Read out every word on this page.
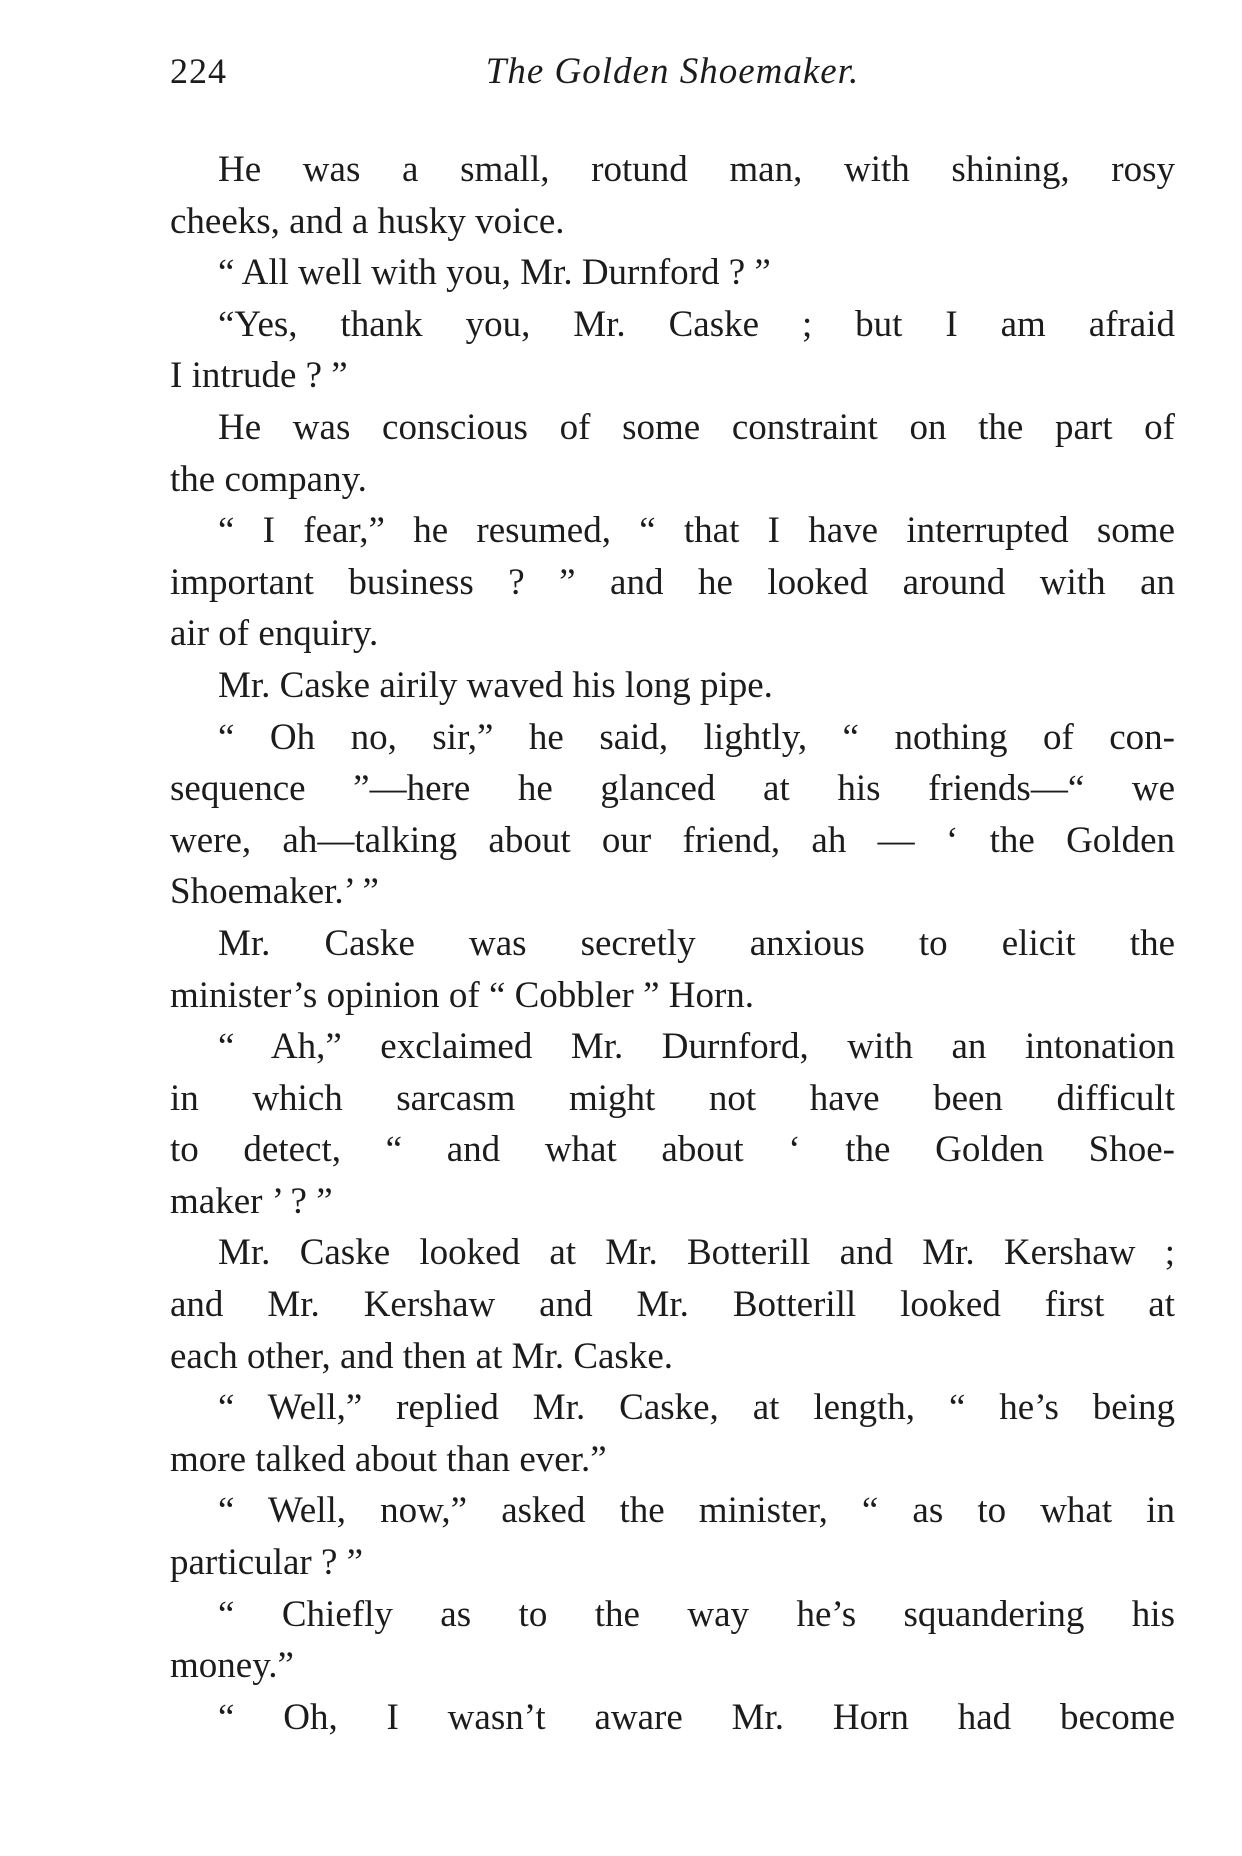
224	The Golden Shoemaker.
He was a small, rotund man, with shining, rosy
cheeks, and a husky voice.
“ All well with you, Mr. Durnford ? ”
“Yes, thank you, Mr. Caske ; but I am afraid
I intrude ? ”
He was conscious of some constraint on the part of
the company.
“ I fear,” he resumed, “ that I have interrupted some
important business ? ” and he looked around with an
air of enquiry.
Mr. Caske airily waved his long pipe.
“ Oh no, sir,” he said, lightly, “ nothing of con-
sequence ”—here he glanced at his friends—“ we
were, ah—talking about our friend, ah — ‘ the Golden
Shoemaker.’ ”
Mr. Caske was secretly anxious to elicit the
minister’s opinion of “ Cobbler ” Horn.
“ Ah,” exclaimed Mr. Durnford, with an intonation
in which sarcasm might not have been difficult
to detect, “ and what about ‘ the Golden Shoe-
maker ’ ? ”
Mr. Caske looked at Mr. Botterill and Mr. Kershaw ;
and Mr. Kershaw and Mr. Botterill looked first at
each other, and then at Mr. Caske.
“ Well,” replied Mr. Caske, at length, “ he’s being
more talked about than ever.”
“ Well, now,” asked the minister, “ as to what in
particular ? ”
“ Chiefly as to the way he’s squandering his
money.”
“ Oh, I wasn’t aware Mr. Horn had become
